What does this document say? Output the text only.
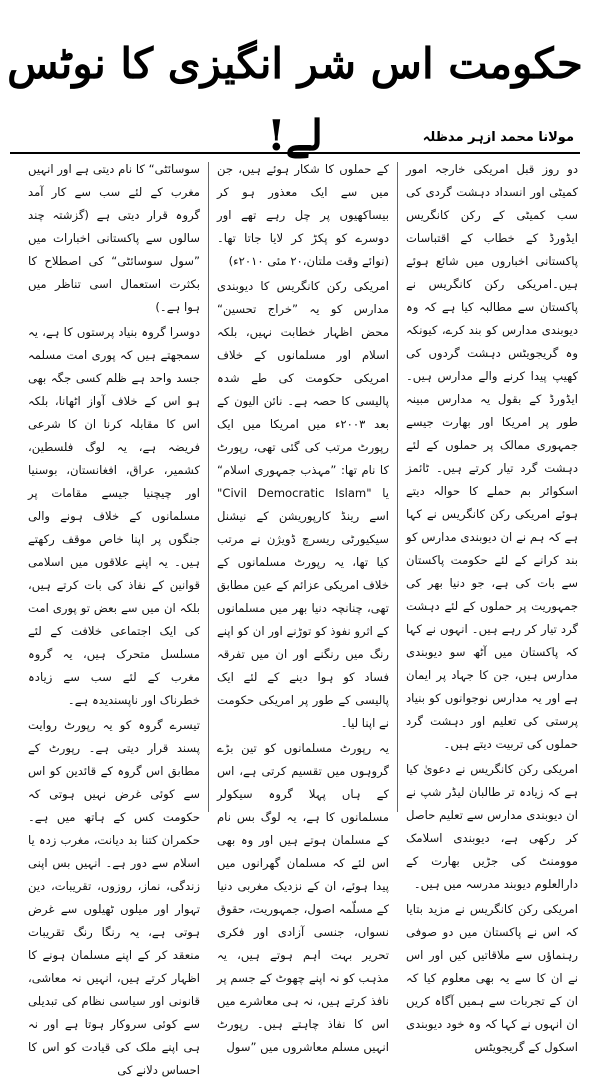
حکومت اس شر انگیزی کا نوٹس لے!	مولانا محمد ازہر مدظلہ

دو روز قبل امریکی خارجہ امور کمیٹی اور انسداد دہشت گردی کی سب کمیٹی کے رکن کانگریس ایڈورڈ کے خطاب کے اقتباسات پاکستانی اخباروں میں شائع ہوئے ہیں۔امریکی رکن کانگریس نے پاکستان سے مطالبہ کیا ہے کہ وہ دیوبندی مدارس کو بند کرے، کیونکہ وہ گریجویٹس دہشت گردوں کی کھیپ پیدا کرنے والے مدارس ہیں۔ ایڈورڈ کے بقول یہ مدارس مبینہ طور پر امریکا اور بھارت جیسے جمہوری ممالک پر حملوں کے لئے دہشت گرد تیار کرتے ہیں۔ ٹائمز اسکوائر بم حملے کا حوالہ دیتے ہوئے امریکی رکن کانگریس نے کہا ہے کہ ہم نے ان دیوبندی مدارس کو بند کرانے کے لئے حکومت پاکستان سے بات کی ہے، جو دنیا بھر کی جمہوریت پر حملوں کے لئے دہشت گرد تیار کر رہے ہیں۔ انہوں نے کہا کہ پاکستان میں آٹھ سو دیوبندی مدارس ہیں، جن کا جہاد پر ایمان ہے اور یہ مدارس نوجوانوں کو بنیاد پرستی کی تعلیم اور دہشت گرد حملوں کی تربیت دیتے ہیں۔

امریکی رکن کانگریس نے دعویٰ کیا ہے کہ زیادہ تر طالبان لیڈر شپ نے ان دیوبندی مدارس سے تعلیم حاصل کر رکھی ہے، دیوبندی اسلامک موومنٹ کی جڑیں بھارت کے دارالعلوم دیوبند مدرسہ میں ہیں۔

امریکی رکن کانگریس نے مزید بتایا کہ اس نے پاکستان میں دو صوفی رہنماؤں سے ملاقاتیں کیں اور اس نے ان کا سے یہ بھی معلوم کیا کہ ان کے تجربات سے ہمیں آگاہ کریں ان انہوں نے کہا کہ وہ خود دیوبندی اسکول کے گریجویٹس

کے حملوں کا شکار ہوئے ہیں، جن میں سے ایک معذور ہو کر بیساکھیوں پر چل رہے تھے اور دوسرے کو پکڑ کر لایا جاتا تھا۔ (نوائے وقت ملتان،۲۰ مئی ۲۰۱۰ء)

امریکی رکن کانگریس کا دیوبندی مدارس کو یہ ”خراج تحسین“ محض اظہار خطابت نہیں، بلکہ اسلام اور مسلمانوں کے خلاف امریکی حکومت کی طے شدہ پالیسی کا حصہ ہے۔ نائن الیون کے بعد ۲۰۰۳ء میں امریکا میں ایک رپورٹ مرتب کی گئی تھی، رپورٹ کا نام تھا: ”مہذب جمہوری اسلام“ یا "Civil Democratic Islam" اسے رینڈ کارپوریشن کے نیشنل سیکیورٹی ریسرچ ڈویژن نے مرتب کیا تھا، یہ رپورٹ مسلمانوں کے خلاف امریکی عزائم کے عین مطابق تھی، چنانچہ دنیا بھر میں مسلمانوں کے اثرو نفوذ کو توڑنے اور ان کو اپنے رنگ میں رنگنے اور ان میں تفرقہ فساد کو ہوا دینے کے لئے ایک پالیسی کے طور پر امریکی حکومت نے اپنا لیا۔

یہ رپورٹ مسلمانوں کو تین بڑے گروہوں میں تقسیم کرتی ہے، اس کے ہاں پہلا گروہ سیکولر مسلمانوں کا ہے، یہ لوگ بس نام کے مسلمان ہوتے ہیں اور وہ بھی اس لئے کہ مسلمان گھرانوں میں پیدا ہوئے، ان کے نزدیک مغربی دنیا کے مسلّمہ اصول، جمہوریت، حقوق نسواں، جنسی آزادی اور فکری تحریر بہت اہم ہوتے ہیں، یہ مذہب کو نہ اپنے چھوٹ کے جسم پر نافذ کرتے ہیں، نہ ہی معاشرے میں اس کا نفاذ چاہتے ہیں۔ رپورٹ انہیں مسلم معاشروں میں ”سول

سوسائٹی“ کا نام دیتی ہے اور انہیں مغرب کے لئے سب سے کار آمد گروہ قرار دیتی ہے (گزشتہ چند سالوں سے پاکستانی اخبارات میں ”سول سوسائٹی“ کی اصطلاح کا بکثرت استعمال اسی تناظر میں ہوا ہے۔)

دوسرا گروہ بنیاد پرستوں کا ہے، یہ سمجھتے ہیں کہ پوری امت مسلمہ جسد واحد ہے ظلم کسی جگہ بھی ہو اس کے خلاف آواز اٹھانا، بلکہ اس کا مقابلہ کرنا ان کا شرعی فریضہ ہے، یہ لوگ فلسطین، کشمیر، عراق، افغانستان، بوسنیا اور چیچنیا جیسے مقامات پر مسلمانوں کے خلاف ہونے والی جنگوں پر اپنا خاص موقف رکھتے ہیں۔ یہ اپنے علاقوں میں اسلامی قوانین کے نفاذ کی بات کرتے ہیں، بلکہ ان میں سے بعض تو پوری امت کی ایک اجتماعی خلافت کے لئے مسلسل متحرک ہیں، یہ گروہ مغرب کے لئے سب سے زیادہ خطرناک اور ناپسندیدہ ہے۔

تیسرے گروہ کو یہ رپورٹ روایت پسند قرار دیتی ہے۔ رپورٹ کے مطابق اس گروہ کے قائدین کو اس سے کوئی غرض نہیں ہوتی کہ حکومت کس کے ہاتھ میں ہے۔ حکمران کتنا بد دیانت، مغرب زدہ یا اسلام سے دور ہے۔ انہیں بس اپنی زندگی، نماز، روزوں، تقریبات، دین تہوار اور میلوں ٹھیلوں سے غرض ہوتی ہے، یہ رنگا رنگ تقریبات منعقد کر کے اپنے مسلمان ہونے کا اظہار کرتے ہیں، انہیں نہ معاشی، قانونی اور سیاسی نظام کی تبدیلی سے کوئی سروکار ہوتا ہے اور نہ ہی اپنے ملک کی قیادت کو اس کا احساس دلانے کی
